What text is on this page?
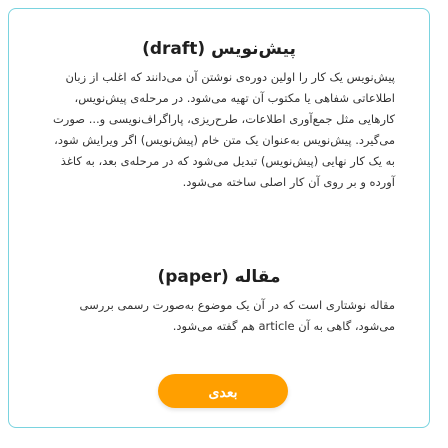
پیش‌نویس (draft)

پیش‌نویس یک کار را اولین دوره‌ی نوشتن آن می‌دانند که اغلب از زبان اطلاعاتی شفاهی یا مکتوب آن تهیه می‌شود. در مرحله‌ی پیش‌نویس، کارهایی مثل جمع‌آوری اطلاعات، طرح‌ریزی، پاراگراف‌نویسی و... صورت می‌گیرد. پیش‌نویس به‌عنوان یک متن خام (پیش‌نویس) اگر ویرایش شود، به یک کار نهایی (پیش‌نویس) تبدیل می‌شود که در مرحله‌ی بعد، به کاغذ آورده و بر روی آن کار اصلی ساخته می‌شود.

مقاله (paper)

مقاله نوشتاری است که در آن یک موضوع به‌صورت رسمی بررسی می‌شود، گاهی به آن article هم گفته می‌شود.

بعدی
